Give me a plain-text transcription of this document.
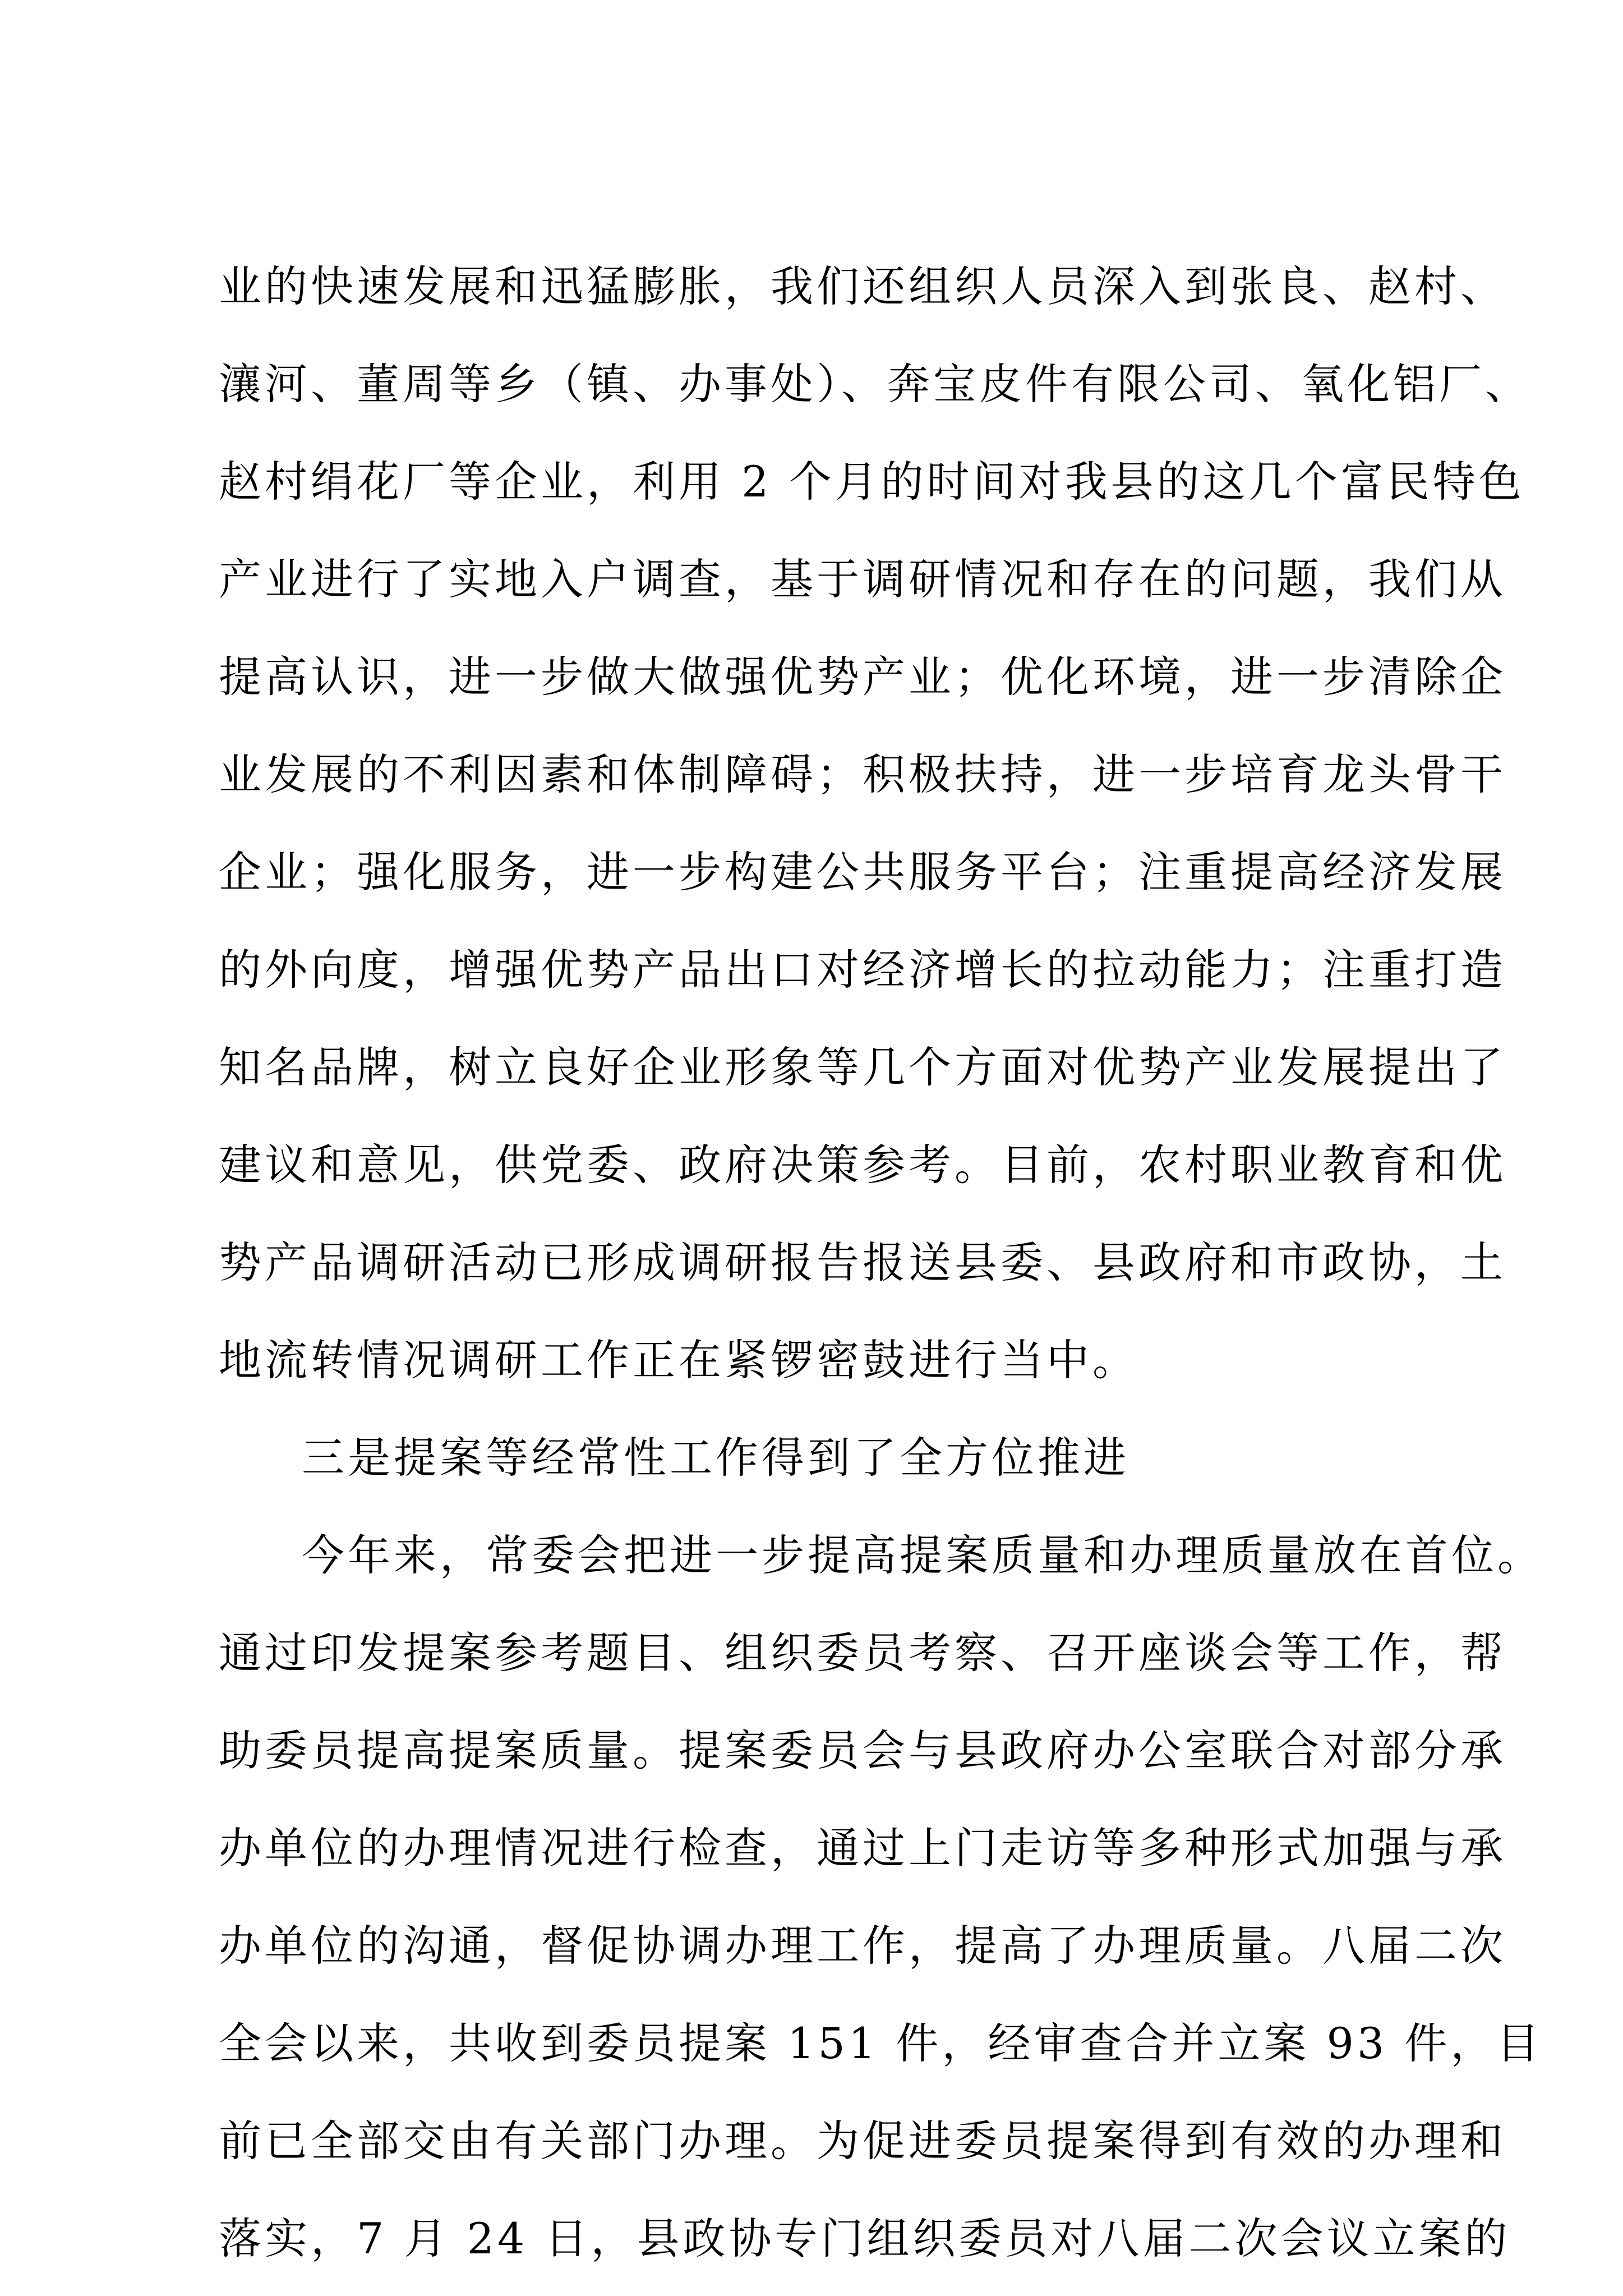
业的快速发展和迅猛膨胀，我们还组织人员深入到张良、赵村、
瀼河、董周等乡（镇、办事处）、奔宝皮件有限公司、氧化铝厂、
赵村绢花厂等企业，利用 2 个月的时间对我县的这几个富民特色
产业进行了实地入户调查，基于调研情况和存在的问题，我们从
提高认识，进一步做大做强优势产业；优化环境，进一步清除企
业发展的不利因素和体制障碍；积极扶持，进一步培育龙头骨干
企业；强化服务，进一步构建公共服务平台；注重提高经济发展
的外向度，增强优势产品出口对经济增长的拉动能力；注重打造
知名品牌，树立良好企业形象等几个方面对优势产业发展提出了
建议和意见，供党委、政府决策参考。目前，农村职业教育和优
势产品调研活动已形成调研报告报送县委、县政府和市政协，土
地流转情况调研工作正在紧锣密鼓进行当中。
三是提案等经常性工作得到了全方位推进
今年来，常委会把进一步提高提案质量和办理质量放在首位。
通过印发提案参考题目、组织委员考察、召开座谈会等工作，帮
助委员提高提案质量。提案委员会与县政府办公室联合对部分承
办单位的办理情况进行检查，通过上门走访等多种形式加强与承
办单位的沟通，督促协调办理工作，提高了办理质量。八届二次
全会以来，共收到委员提案 151 件，经审查合并立案 93 件，目
前已全部交由有关部门办理。为促进委员提案得到有效的办理和
落实，7 月 24 日，县政协专门组织委员对八届二次会议立案的
